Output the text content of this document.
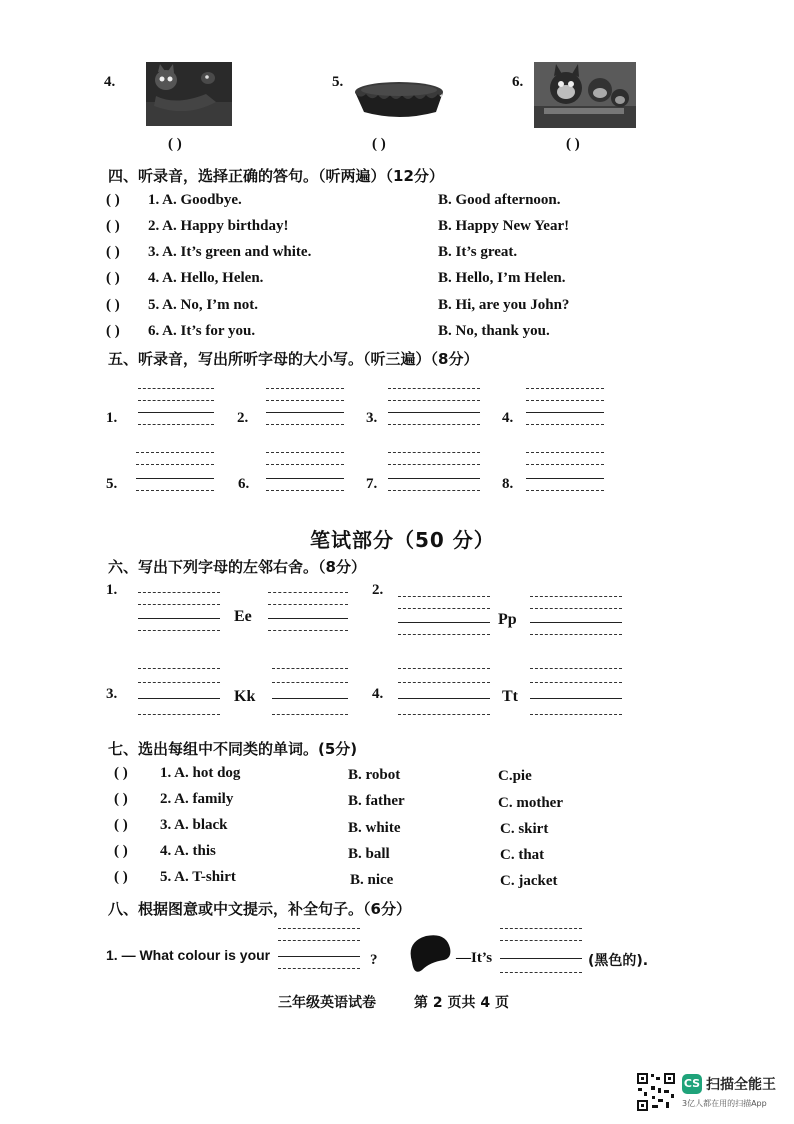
4.
( )
5.
( )
6.
( )
四、听录音，选择正确的答句。（听两遍）（12分）
( ) 1. A. Goodbye.	B. Good afternoon.
( ) 2. A. Happy birthday!	B. Happy New Year!
( ) 3. A. It’s green and white.	B. It’s great.
( ) 4. A. Hello, Helen.	B. Hello, I’m Helen.
( ) 5. A. No, I’m not.	B. Hi, are you John?
( ) 6. A. It’s for you.	B. No, thank you.
五、听录音，写出所听字母的大小写。（听三遍）（8分）
1.	2.	3.	4.
5.	6.	7.	8.
笔试部分（50 分）
六、写出下列字母的左邻右舍。（8分）
1.
Ee
2.
Pp
3.	Kk	4.	Tt
七、选出每组中不同类的单词。(5分)
( ) 1. A. hot dog	B. robot	C.pie
( ) 2. A. family	B. father	C. mother
( ) 3. A. black	B. white	C. skirt
( ) 4. A. this	B. ball	C. that
( ) 5. A. T-shirt	B. nice	C. jacket
八、根据图意或中文提示，补全句子。（6分）
1. — What colour is your	?	—It’s	(黑色的).
三年级英语试卷	第 2 页共 4 页
CS 扫描全能王
3亿人都在用的扫描App
